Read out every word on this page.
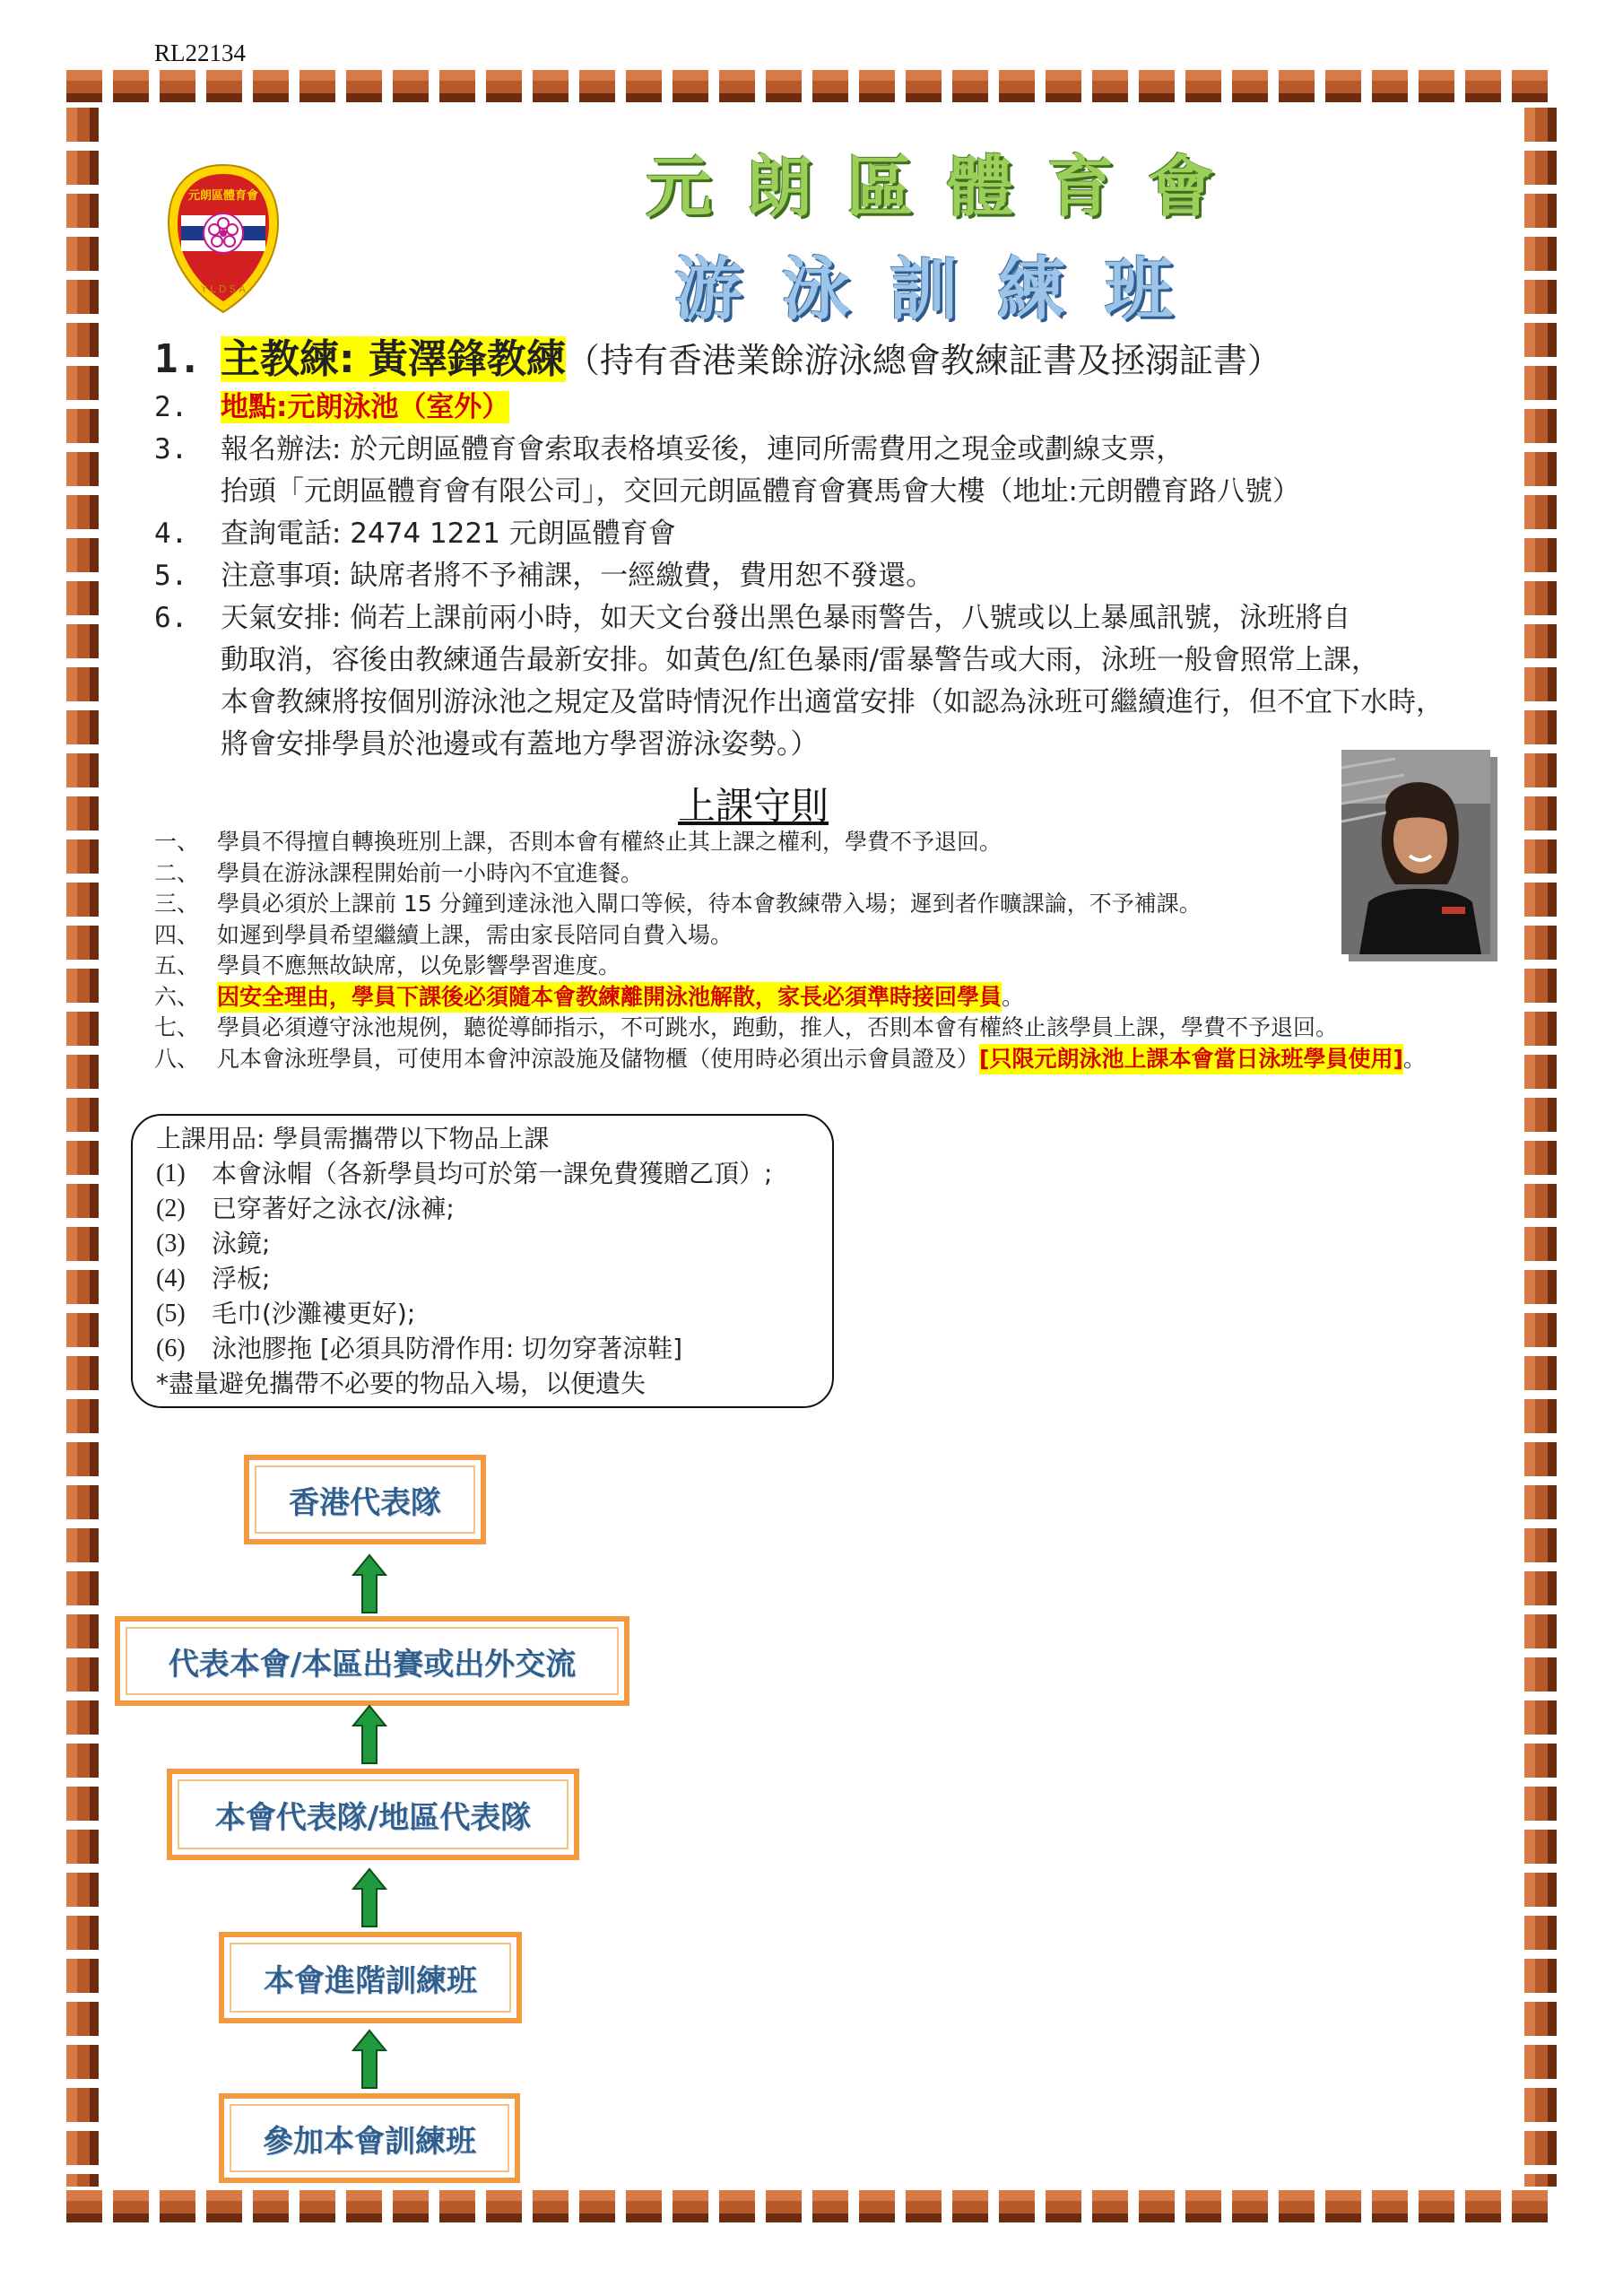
RL22134
元朗區體育會
Y L D S A
元朗區體育會
游泳訓練班
1. 主教練: 黃澤鋒教練（持有香港業餘游泳總會教練証書及拯溺証書）
2.	地點:元朗泳池（室外）
3.	報名辦法: 於元朗區體育會索取表格填妥後，連同所需費用之現金或劃線支票，
抬頭「元朗區體育會有限公司」，交回元朗區體育會賽馬會大樓（地址:元朗體育路八號）
4.	查詢電話: 2474 1221 元朗區體育會
5.	注意事項: 缺席者將不予補課，一經繳費，費用恕不發還。
6.	天氣安排: 倘若上課前兩小時，如天文台發出黑色暴雨警告，八號或以上暴風訊號，泳班將自
動取消，容後由教練通告最新安排。如黃色/紅色暴雨/雷暴警告或大雨，泳班一般會照常上課，
本會教練將按個別游泳池之規定及當時情況作出適當安排（如認為泳班可繼續進行，但不宜下水時，
將會安排學員於池邊或有蓋地方學習游泳姿勢。）
上課守則
一、 學員不得擅自轉換班別上課，否則本會有權終止其上課之權利，學費不予退回。
二、 學員在游泳課程開始前一小時內不宜進餐。
三、 學員必須於上課前 15 分鐘到達泳池入閘口等候，待本會教練帶入場；遲到者作曠課論，不予補課。
四、 如遲到學員希望繼續上課，需由家長陪同自費入場。
五、 學員不應無故缺席，以免影響學習進度。
六、 因安全理由，學員下課後必須隨本會教練離開泳池解散，家長必須準時接回學員 。
七、 學員必須遵守泳池規例，聽從導師指示，不可跳水，跑動，推人，否則本會有權終止該學員上課，學費不予退回。
八、 凡本會泳班學員，可使用本會沖涼設施及儲物櫃（使用時必須出示會員證及） [只限元朗泳池上課本會當日泳班學員使用] 。
上課用品: 學員需攜帶以下物品上課
(1)	本會泳帽（各新學員均可於第一課免費獲贈乙頂）;
(2)	已穿著好之泳衣/泳褲;
(3)	泳鏡;
(4)	浮板;
(5)	毛巾(沙灘褸更好);
(6)	泳池膠拖 [必須具防滑作用: 切勿穿著涼鞋]
*盡量避免攜帶不必要的物品入場，以便遺失
香港代表隊
代表本會/本區出賽或出外交流
本會代表隊/地區代表隊
本會進階訓練班
參加本會訓練班
